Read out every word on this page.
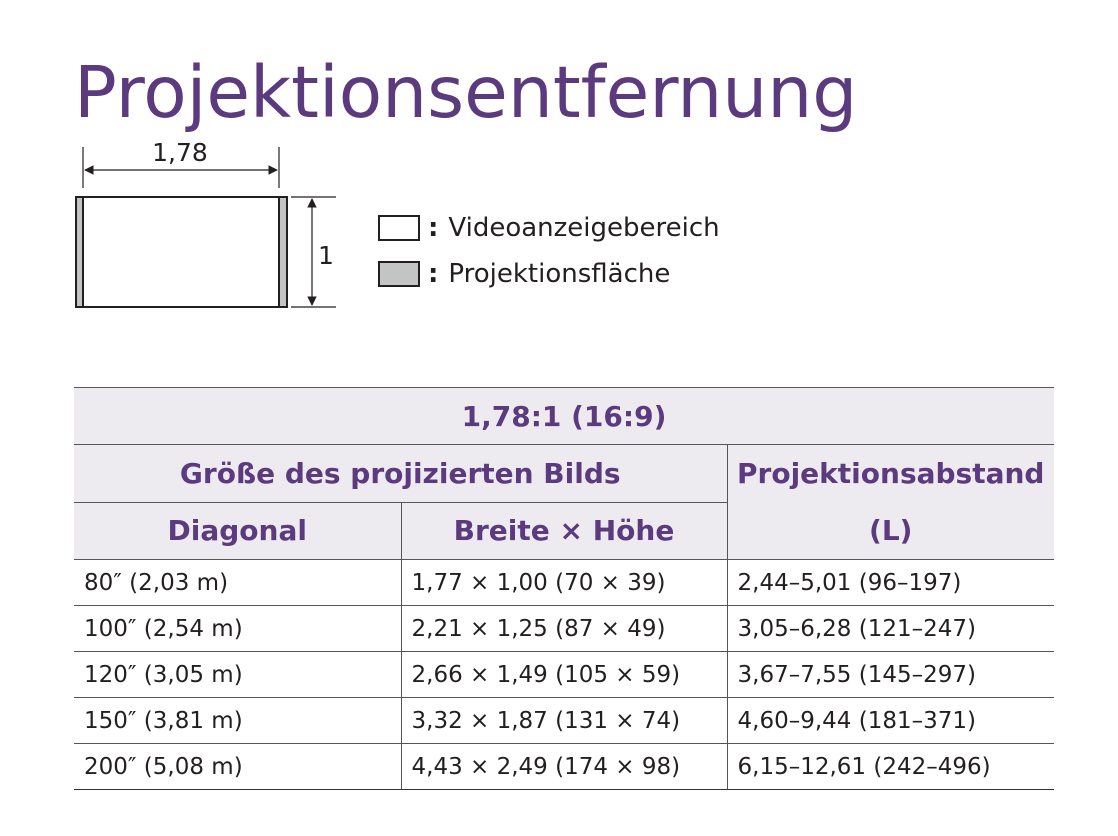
Projektionsentfernung
1,78
1
: Videoanzeigebereich
: Projektionsfläche
1,78:1 (16:9)		
Größe des projizierten Bilds		Projektionsabstand
(L)

Diagonal	Breite × Höhe	
80″ (2,03 m)	1,77 × 1,00 (70 × 39)	2,44–5,01 (96–197)
100″ (2,54 m)	2,21 × 1,25 (87 × 49)	3,05–6,28 (121–247)
120″ (3,05 m)	2,66 × 1,49 (105 × 59)	3,67–7,55 (145–297)
150″ (3,81 m)	3,32 × 1,87 (131 × 74)	4,60–9,44 (181–371)
200″ (5,08 m)	4,43 × 2,49 (174 × 98)	6,15–12,61 (242–496)
